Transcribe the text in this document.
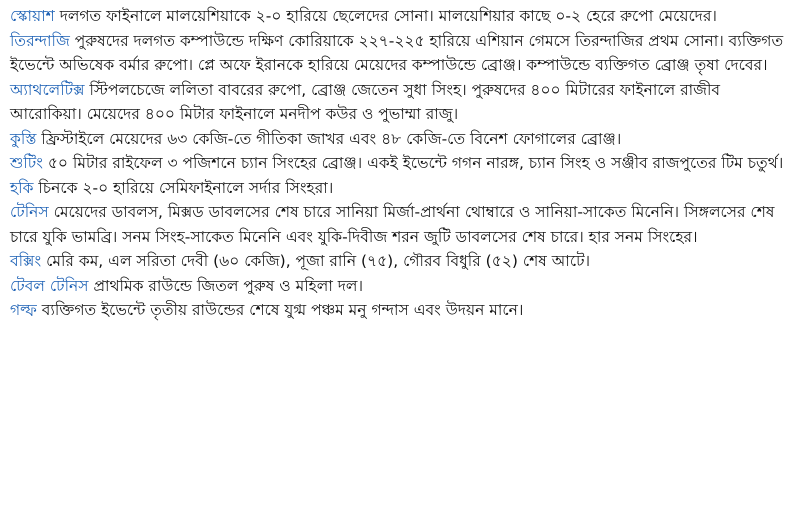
স্কোয়াশ দলগত ফাইনালে মালয়েশিয়াকে ২-০ হারিয়ে ছেলেদের সোনা। মালয়েশিয়ার কাছে ০-২ হেরে রুপো মেয়েদের।

তিরন্দাজি পুরুষদের দলগত কম্পাউন্ডে দক্ষিণ কোরিয়াকে ২২৭-২২৫ হারিয়ে এশিয়ান গেমসে তিরন্দাজির প্রথম সোনা। ব্যক্তিগত ইভেন্টে অভিষেক বর্মার রুপো। প্লে অফে ইরানকে হারিয়ে মেয়েদের কম্পাউন্ডে ব্রোঞ্জ। কম্পাউন্ডে ব্যক্তিগত ব্রোঞ্জ তৃষা দেবের।

অ্যাথলেটিক্স স্টিপলচেজে ললিতা বাবরের রুপো, ব্রোঞ্জ জেতেন সুধা সিংহ। পুরুষদের ৪০০ মিটারের ফাইনালে রাজীব আরোকিয়া। মেয়েদের ৪০০ মিটার ফাইনালে মনদীপ কউর ও পুভাম্মা রাজু।

কুস্তি ফ্রিস্টাইলে মেয়েদের ৬৩ কেজি-তে গীতিকা জাখর এবং ৪৮ কেজি-তে বিনেশ ফোগালের ব্রোঞ্জ।

শুটিং ৫০ মিটার রাইফেল ৩ পজিশনে চ্যান সিংহের ব্রোঞ্জ। একই ইভেন্টে গগন নারঙ্গ, চ্যান সিংহ ও সঞ্জীব রাজপুতের টিম চতুর্থ।

হকি চিনকে ২-০ হারিয়ে সেমিফাইনালে সর্দার সিংহরা।

টেনিস মেয়েদের ডাবলস, মিক্সড ডাবলসের শেষ চারে সানিয়া মির্জা-প্রার্থনা থোম্বারে ও সানিয়া-সাকেত মিনেনি। সিঙ্গলসের শেষ চারে যুকি ভামব্রি। সনম সিংহ-সাকেত মিনেনি এবং যুকি-দিবীজ শরন জুটি ডাবলসের শেষ চারে। হার সনম সিংহের।

বক্সিং মেরি কম, এল সরিতা দেবী (৬০ কেজি), পূজা রানি (৭৫), গৌরব বিধুরি (৫২) শেষ আটে।

টেবল টেনিস প্রাথমিক রাউন্ডে জিতল পুরুষ ও মহিলা দল।

গল্ফ ব্যক্তিগত ইভেন্টে তৃতীয় রাউন্ডের শেষে যুগ্ম পঞ্চম মনু গন্দাস এবং উদয়ন মানে।
